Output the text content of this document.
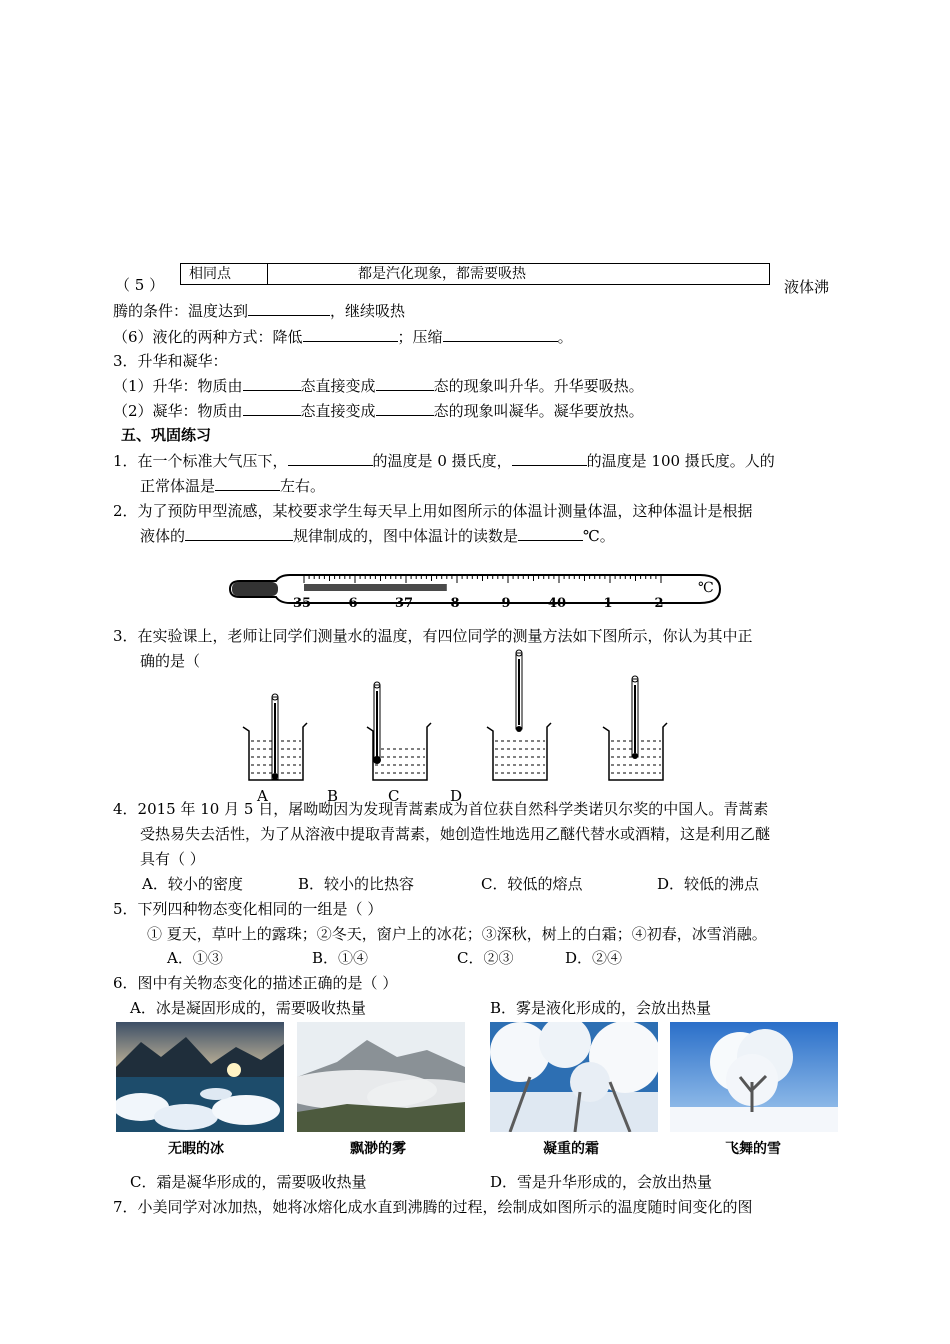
相同点	都是汽化现象，都需要吸热
（ 5 ）	液体沸
腾的条件：温度达到	，继续吸热
（6）液化的两种方式：降低	；压缩	。
3．升华和凝华：
（1）升华：物质由	态直接变成	态的现象叫升华。升华要吸热。
（2）凝华：物质由	态直接变成	态的现象叫凝华。凝华要放热。
五、巩固练习
1．在一个标准大气压下，	的温度是 0 摄氏度，	的温度是 100 摄氏度。人的
正常体温是	左右。
2．为了预防甲型流感，某校要求学生每天早上用如图所示的体温计测量体温，这种体温计是根据
液体的	规律制成的，图中体温计的读数是	℃。
35	6	37	8	9	40	1	2
℃
3．在实验课上，老师让同学们测量水的温度，有四位同学的测量方法如下图所示，你认为其中正
确的是（
A	B	C	D
4．2015 年 10 月 5 日，屠呦呦因为发现青蒿素成为首位获自然科学类诺贝尔奖的中国人。青蒿素
受热易失去活性，为了从溶液中提取青蒿素，她创造性地选用乙醚代替水或酒精，这是利用乙醚
具有（ ）
A．较小的密度	B．较小的比热容	C．较低的熔点	D．较低的沸点
5．下列四种物态变化相同的一组是（ ）
① 夏天，草叶上的露珠；②冬天，窗户上的冰花；③深秋，树上的白霜；④初春，冰雪消融。
A．①③	B．①④	C．②③	D．②④
6．图中有关物态变化的描述正确的是（ ）
A．冰是凝固形成的，需要吸收热量	B．雾是液化形成的，会放出热量
无暇的冰	飘渺的雾	凝重的霜	飞舞的雪
C．霜是凝华形成的，需要吸收热量	D．雪是升华形成的，会放出热量
7．小美同学对冰加热，她将冰熔化成水直到沸腾的过程，绘制成如图所示的温度随时间变化的图
